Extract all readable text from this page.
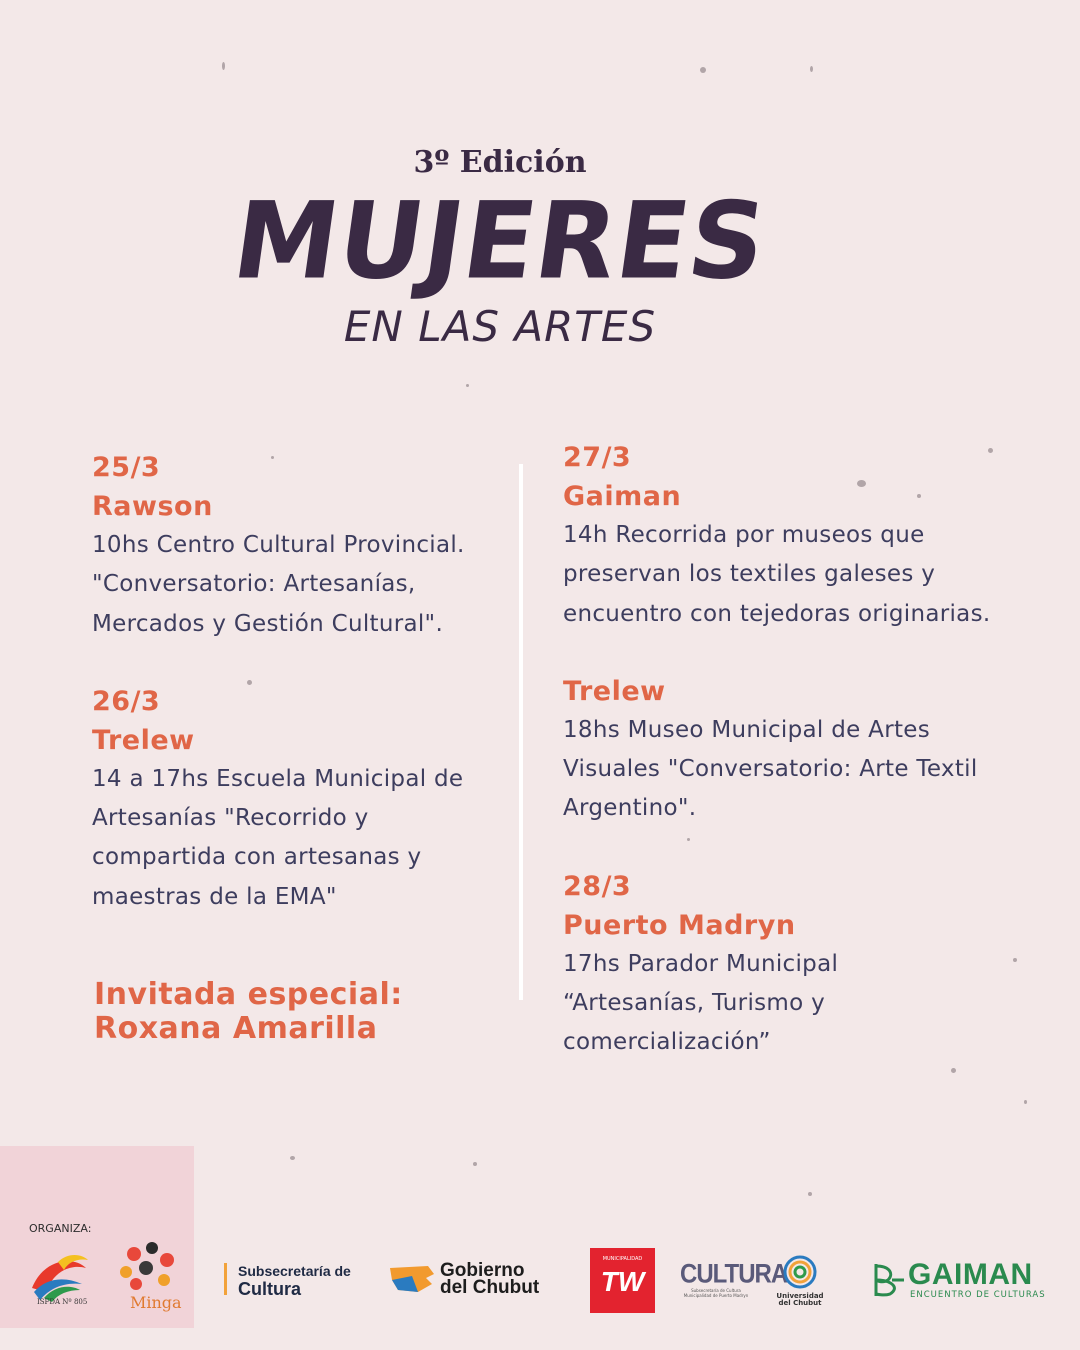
3º Edición
MUJERES
EN LAS ARTES
25/3
Rawson
10hs Centro Cultural Provincial.
"Conversatorio: Artesanías,
Mercados y Gestión Cultural".
26/3
Trelew
14 a 17hs Escuela Municipal de
Artesanías "Recorrido y
compartida con artesanas y
maestras de la EMA"
Invitada especial:
Roxana Amarilla
27/3
Gaiman
14h Recorrida por museos que
preservan los textiles galeses y
encuentro con tejedoras originarias.
Trelew
18hs Museo Municipal de Artes
Visuales "Conversatorio: Arte Textil
Argentino".
28/3
Puerto Madryn
17hs Parador Municipal
“Artesanías, Turismo y
comercialización”
ORGANIZA:
ISFDA Nº 805	Minga
Subsecretaría de
Cultura
Gobierno
del Chubut
MUNICIPALIDAD
TW	CULTURA
Subsecretaría de Cultura Municipalidad de Puerto Madryn	Universidad
del Chubut
GAIMAN
ENCUENTRO DE CULTURAS
